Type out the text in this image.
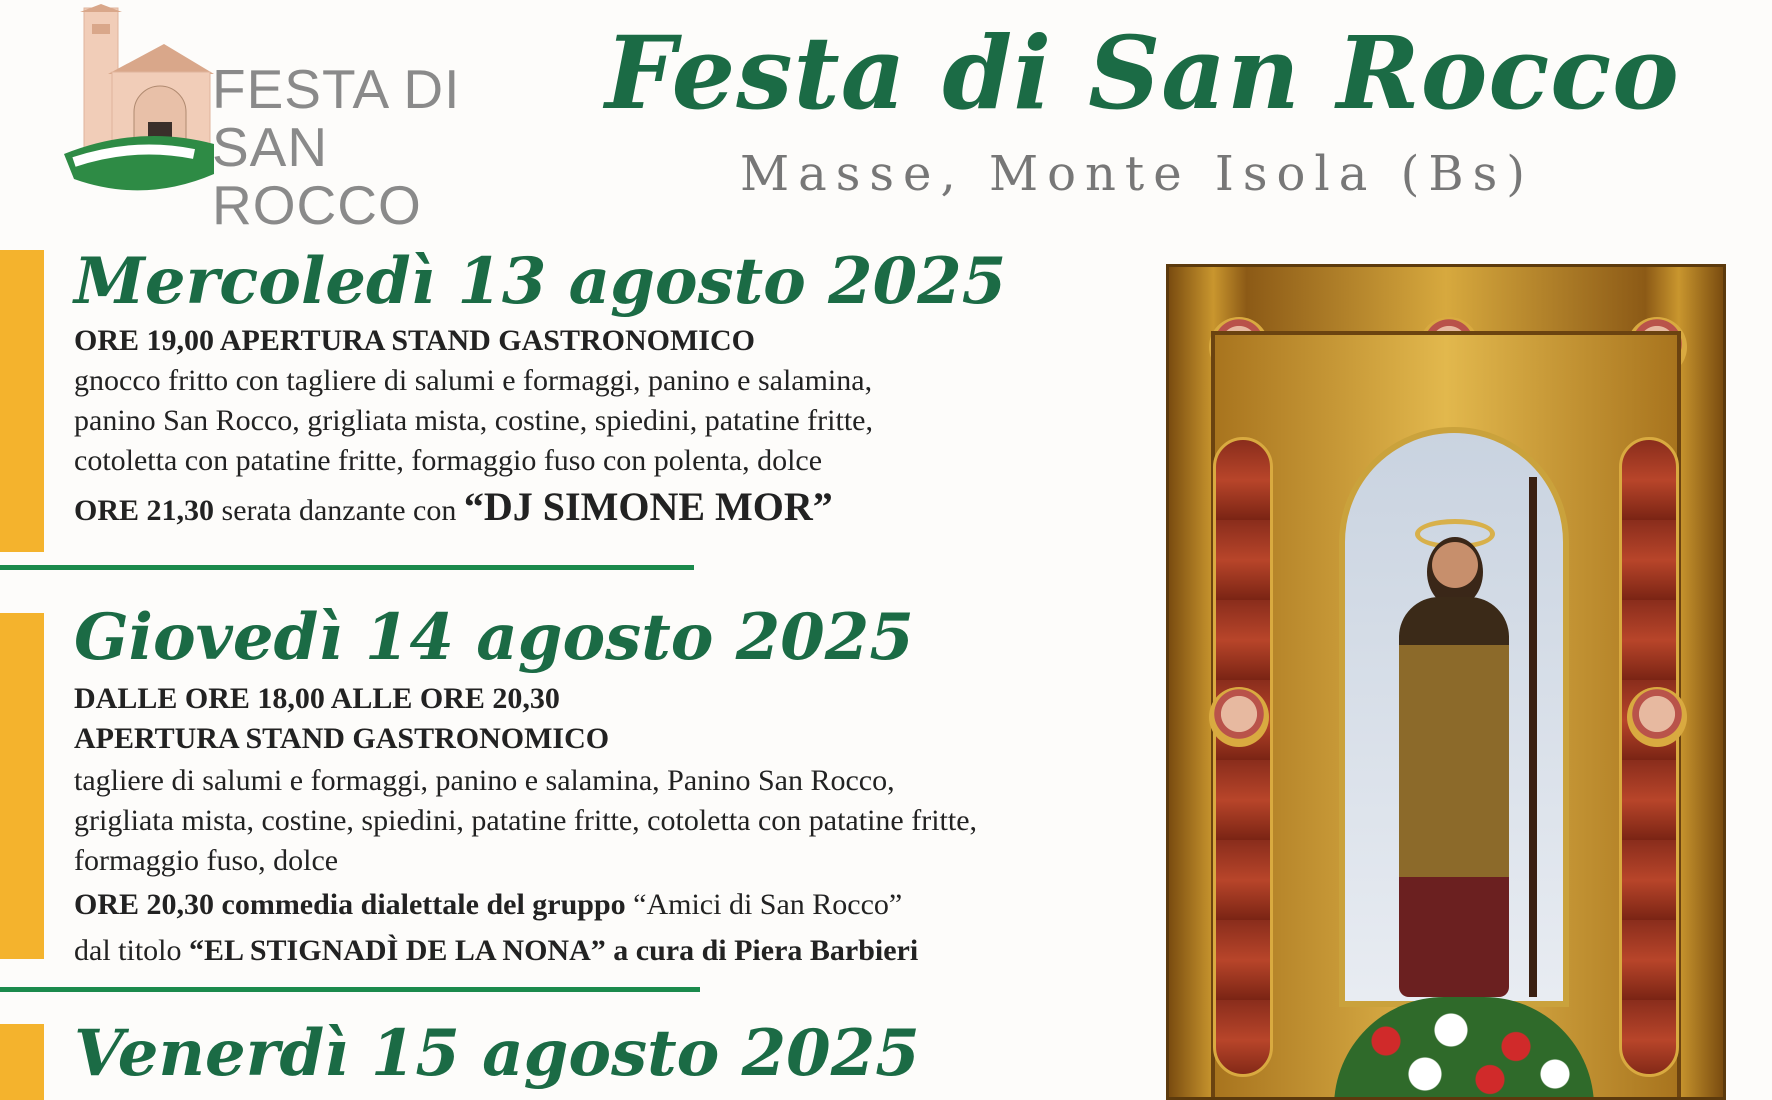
FESTA DI
SAN ROCCO
Festa di San Rocco
Masse, Monte Isola (Bs)
Mercoledì 13 agosto 2025
ORE 19,00 APERTURA STAND GASTRONOMICO
gnocco fritto con tagliere di salumi e formaggi, panino e salamina,
panino San Rocco, grigliata mista, costine, spiedini, patatine fritte,
cotoletta con patatine fritte, formaggio fuso con polenta, dolce
ORE 21,30 serata danzante con “DJ SIMONE MOR”
Giovedì 14 agosto 2025
DALLE ORE 18,00 ALLE ORE 20,30
APERTURA STAND GASTRONOMICO
tagliere di salumi e formaggi, panino e salamina, Panino San Rocco,
grigliata mista, costine, spiedini, patatine fritte, cotoletta con patatine fritte,
formaggio fuso, dolce
ORE 20,30 commedia dialettale del gruppo “Amici di San Rocco”
dal titolo “EL STIGNADÌ DE LA NONA” a cura di Piera Barbieri
Venerdì 15 agosto 2025
